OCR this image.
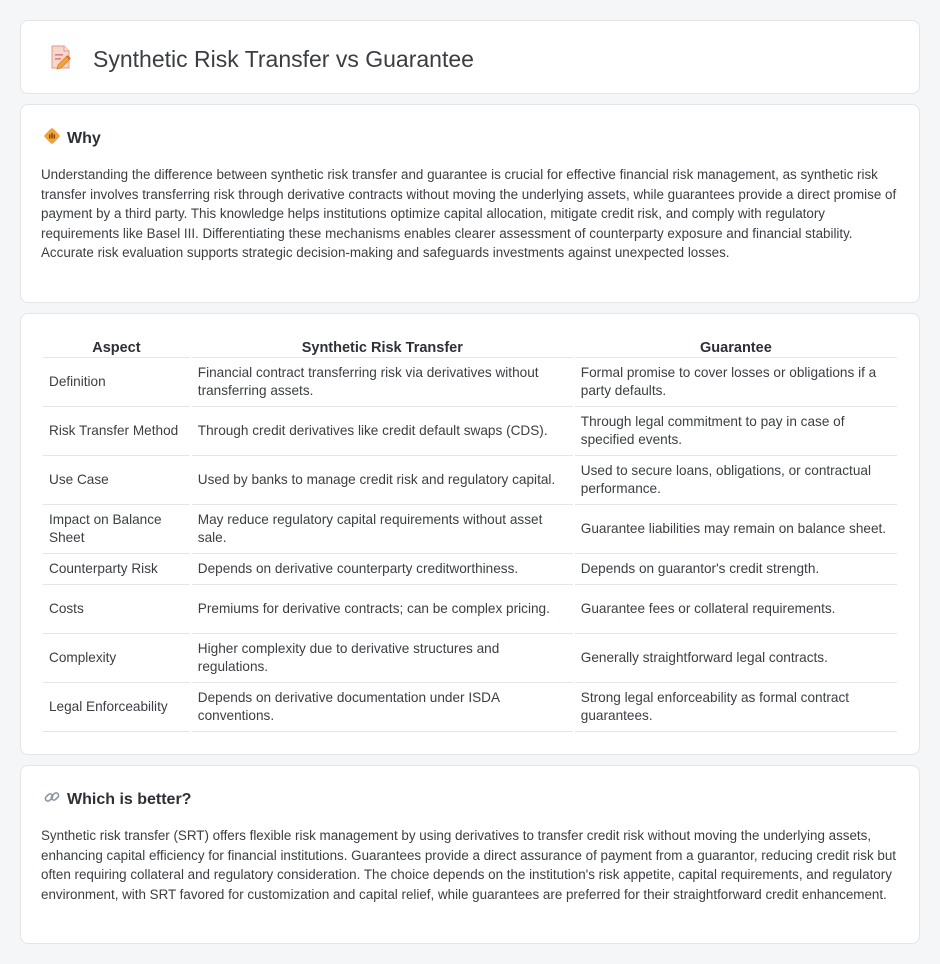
Synthetic Risk Transfer vs Guarantee
Why

Understanding the difference between synthetic risk transfer and guarantee is crucial for effective financial risk management, as synthetic risk transfer involves transferring risk through derivative contracts without moving the underlying assets, while guarantees provide a direct promise of payment by a third party. This knowledge helps institutions optimize capital allocation, mitigate credit risk, and comply with regulatory requirements like Basel III. Differentiating these mechanisms enables clearer assessment of counterparty exposure and financial stability. Accurate risk evaluation supports strategic decision-making and safeguards investments against unexpected losses.

Aspect	Synthetic Risk Transfer	Guarantee
Definition	Financial contract transferring risk via derivatives without transferring assets.	Formal promise to cover losses or obligations if a party defaults.
Risk Transfer Method	Through credit derivatives like credit default swaps (CDS).	Through legal commitment to pay in case of specified events.
Use Case	Used by banks to manage credit risk and regulatory capital.	Used to secure loans, obligations, or contractual performance.
Impact on Balance Sheet	May reduce regulatory capital requirements without asset sale.	Guarantee liabilities may remain on balance sheet.
Counterparty Risk	Depends on derivative counterparty creditworthiness.	Depends on guarantor's credit strength.
Costs	Premiums for derivative contracts; can be complex pricing.	Guarantee fees or collateral requirements.
Complexity	Higher complexity due to derivative structures and regulations.	Generally straightforward legal contracts.
Legal Enforceability	Depends on derivative documentation under ISDA conventions.	Strong legal enforceability as formal contract guarantees.
Which is better?

Synthetic risk transfer (SRT) offers flexible risk management by using derivatives to transfer credit risk without moving the underlying assets, enhancing capital efficiency for financial institutions. Guarantees provide a direct assurance of payment from a guarantor, reducing credit risk but often requiring collateral and regulatory consideration. The choice depends on the institution's risk appetite, capital requirements, and regulatory environment, with SRT favored for customization and capital relief, while guarantees are preferred for their straightforward credit enhancement.
